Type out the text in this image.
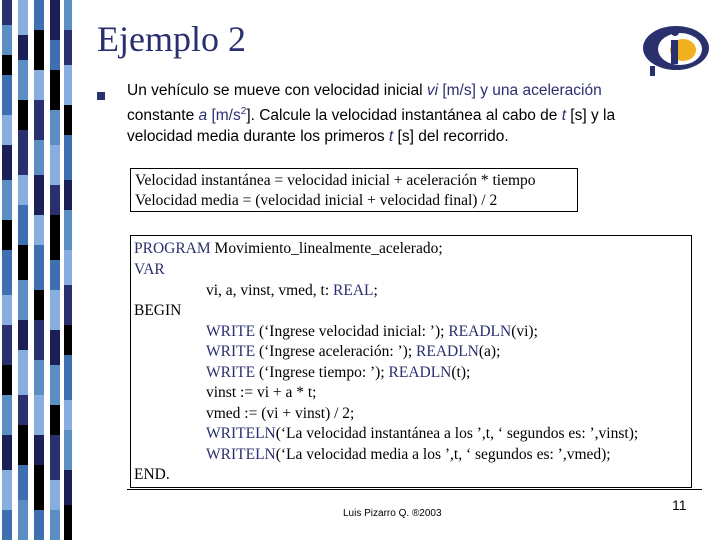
Ejemplo 2
Un vehículo se mueve con velocidad inicial vi [m/s] y una aceleración
constante a $[m/s^2]$. Calcule la velocidad instantánea al cabo de t [s] y la
velocidad media durante los primeros t [s] del recorrido.
Velocidad instantánea = velocidad inicial + aceleración * tiempo
Velocidad media = (velocidad inicial + velocidad final) / 2
PROGRAM Movimiento_linealmente_acelerado;
VAR
vi, a, vinst, vmed, t: REAL;
BEGIN
WRITE (‘Ingrese velocidad inicial: ’); READLN(vi);
WRITE (‘Ingrese aceleración: ’); READLN(a);
WRITE (‘Ingrese tiempo: ’); READLN(t);
vinst := vi + a * t;
vmed := (vi + vinst) / 2;
WRITELN(‘La velocidad instantánea a los ’,t, ‘ segundos es: ’,vinst);
WRITELN(‘La velocidad media a los ’,t, ‘ segundos es: ’,vmed);
END.
Luis Pizarro Q. ®2003
11
